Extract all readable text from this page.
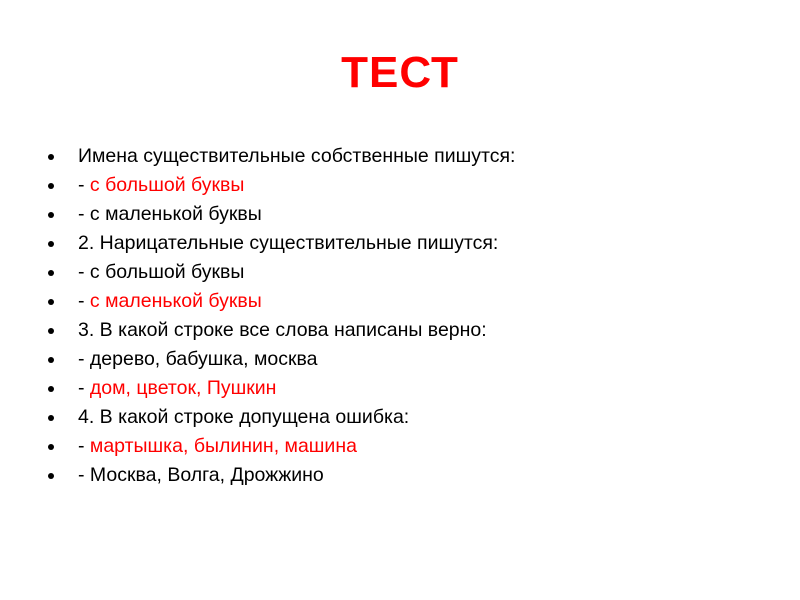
ТЕСТ
Имена существительные собственные пишутся:
- с большой буквы
- с маленькой буквы
2. Нарицательные существительные пишутся:
- с большой буквы
- с маленькой буквы
3. В какой строке все слова написаны верно:
- дерево, бабушка, москва
- дом, цветок, Пушкин
4. В какой строке допущена ошибка:
- мартышка, былинин, машина
- Москва, Волга, Дрожжино
